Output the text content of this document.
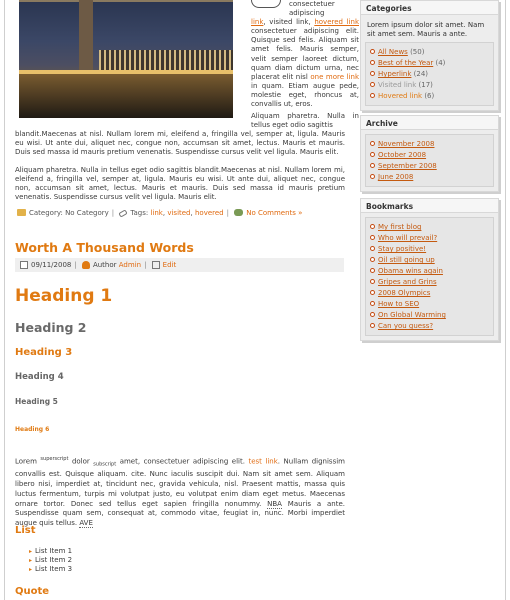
consectetuer adipiscing
link, visited link, hovered link consectetuer adipiscing elit. Quisque sed felis. Aliquam sit amet felis. Mauris semper, velit semper laoreet dictum, quam diam dictum urna, nec placerat elit nisl one more link in quam. Etiam augue pede, molestie eget, rhoncus at, convallis ut, eros.

Aliquam pharetra. Nulla in tellus eget odio sagittis

blandit.Maecenas at nisl. Nullam lorem mi, eleifend a, fringilla vel, semper at, ligula. Mauris eu wisi. Ut ante dui, aliquet nec, congue non, accumsan sit amet, lectus. Mauris et mauris. Duis sed massa id mauris pretium venenatis. Suspendisse cursus velit vel ligula. Mauris elit.

Aliquam pharetra. Nulla in tellus eget odio sagittis blandit.Maecenas at nisl. Nullam lorem mi, eleifend a, fringilla vel, semper at, ligula. Mauris eu wisi. Ut ante dui, aliquet nec, congue non, accumsan sit amet, lectus. Mauris et mauris. Duis sed massa id mauris pretium venenatis. Suspendisse cursus velit vel ligula. Mauris elit.

Category: No Category | Tags: link, visited, hovered | No Comments »
Worth A Thousand Words
09/11/2008 | Author Admin | Edit
Heading 1
Heading 2
Heading 3
Heading 4
Heading 5
Heading 6

Lorem $^{superscript}$ dolor $_{subscript}$ amet, consectetuer adipiscing elit. test link. Nullam dignissim convallis est. Quisque aliquam. cite. Nunc iaculis suscipit dui. Nam sit amet sem. Aliquam libero nisi, imperdiet at, tincidunt nec, gravida vehicula, nisl. Praesent mattis, massa quis luctus fermentum, turpis mi volutpat justo, eu volutpat enim diam eget metus. Maecenas ornare tortor. Donec sed tellus eget sapien fringilla nonummy. NBA Mauris a ante. Suspendisse quam sem, consequat at, commodo vitae, feugiat in, nunc. Morbi imperdiet augue quis tellus. AVE

List
▸ List Item 1
▸ List Item 2
▸ List Item 3
Quote
Categories

Lorem ipsum dolor sit amet. Nam sit amet sem. Mauris a ante.

All News (50)
Best of the Year (4)
Hyperlink (24)
Visited link (17)
Hovered link (6)
Archive
November 2008
October 2008
September 2008
June 2008
Bookmarks
My first blog
Who will prevail?
Stay positive!
Oil still going up
Obama wins again
Gripes and Grins
2008 Olympics
How to SEO
On Global Warming
Can you guess?
